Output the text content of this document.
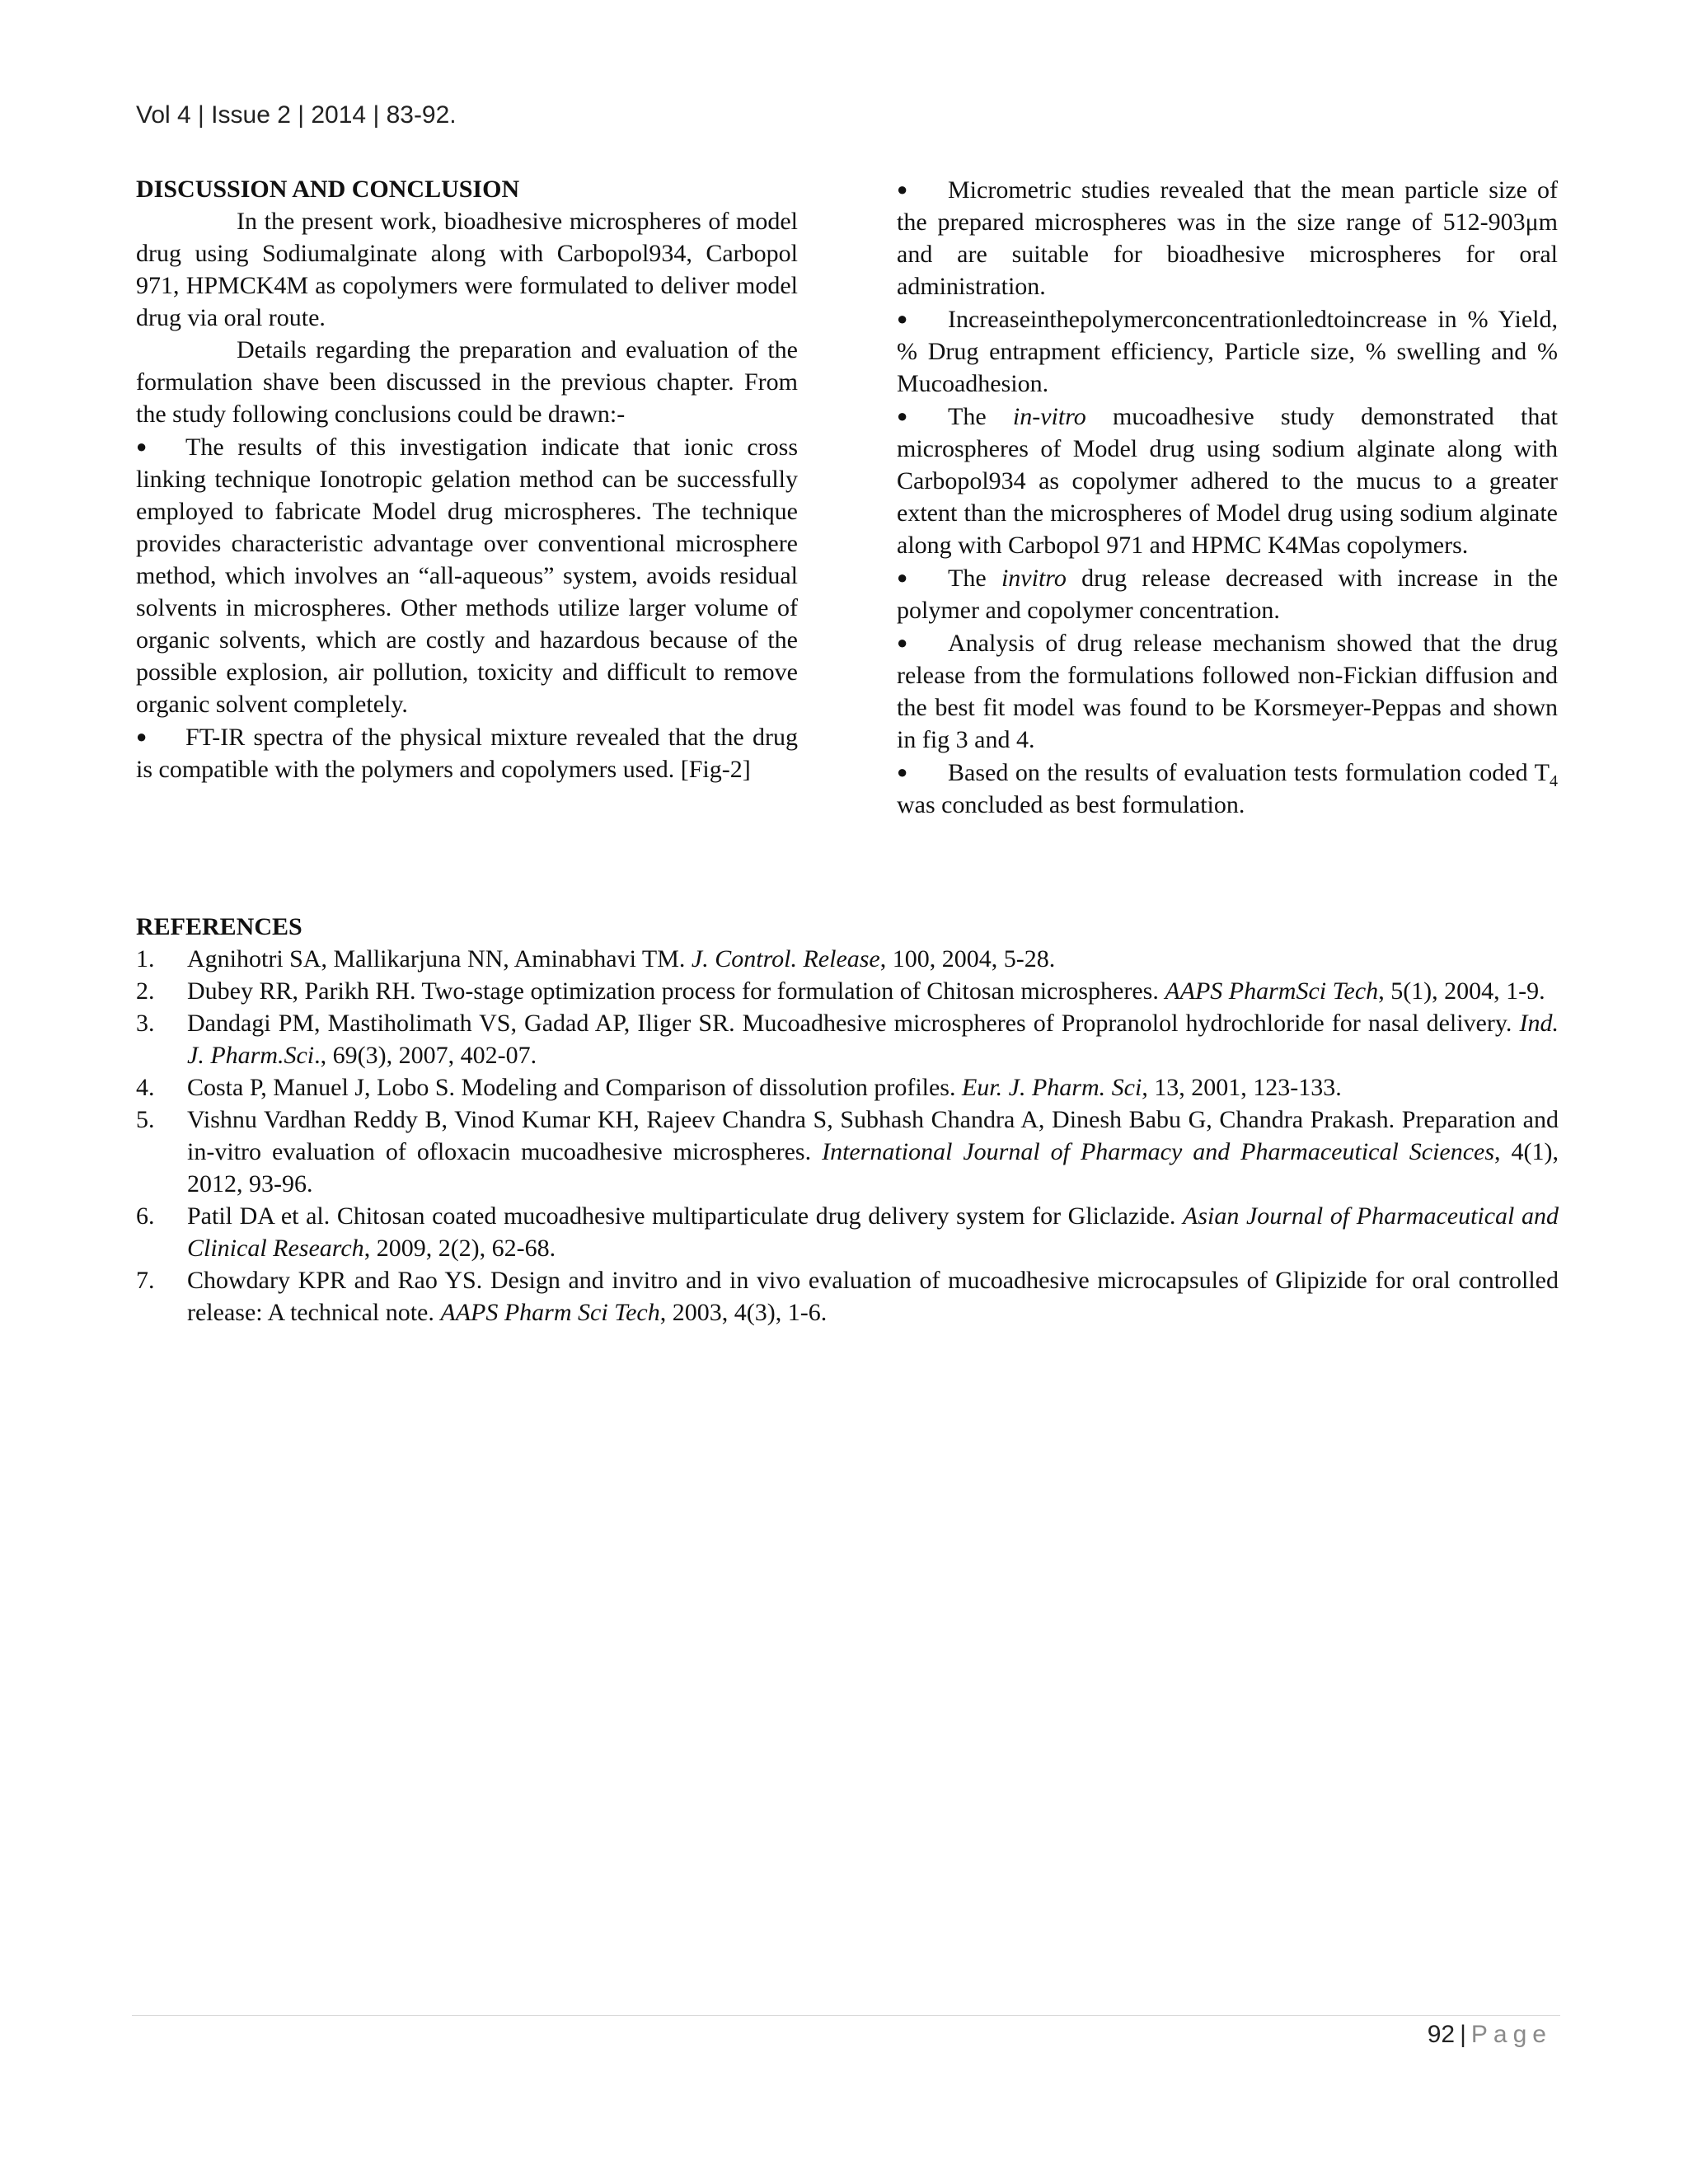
Vol 4 | Issue 2 | 2014 | 83-92.
DISCUSSION AND CONCLUSION
In the present work, bioadhesive microspheres of model drug using Sodiumalginate along with Carbopol934, Carbopol 971, HPMCK4M as copolymers were formulated to deliver model drug via oral route.
Details regarding the preparation and evaluation of the formulation shave been discussed in the previous chapter. From the study following conclusions could be drawn:-
● The results of this investigation indicate that ionic cross linking technique Ionotropic gelation method can be successfully employed to fabricate Model drug microspheres. The technique provides characteristic advantage over conventional microsphere method, which involves an “all-aqueous” system, avoids residual solvents in microspheres. Other methods utilize larger volume of organic solvents, which are costly and hazardous because of the possible explosion, air pollution, toxicity and difficult to remove organic solvent completely.
● FT-IR spectra of the physical mixture revealed that the drug is compatible with the polymers and copolymers used. [Fig-2]
● Micrometric studies revealed that the mean particle size of the prepared microspheres was in the size range of 512-903μm and are suitable for bioadhesive microspheres for oral administration.
● Increaseinthepolymerconcentrationledtoincrease in % Yield, % Drug entrapment efficiency, Particle size, % swelling and % Mucoadhesion.
● The in-vitro mucoadhesive study demonstrated that microspheres of Model drug using sodium alginate along with Carbopol934 as copolymer adhered to the mucus to a greater extent than the microspheres of Model drug using sodium alginate along with Carbopol 971 and HPMC K4Mas copolymers.
● The invitro drug release decreased with increase in the polymer and copolymer concentration.
● Analysis of drug release mechanism showed that the drug release from the formulations followed non-Fickian diffusion and the best fit model was found to be Korsmeyer-Peppas and shown in fig 3 and 4.
● Based on the results of evaluation tests formulation coded $T_4$ was concluded as best formulation.
REFERENCES
1. Agnihotri SA, Mallikarjuna NN, Aminabhavi TM. J. Control. Release, 100, 2004, 5-28.
2. Dubey RR, Parikh RH. Two-stage optimization process for formulation of Chitosan microspheres. AAPS PharmSci Tech, 5(1), 2004, 1-9.
3. Dandagi PM, Mastiholimath VS, Gadad AP, Iliger SR. Mucoadhesive microspheres of Propranolol hydrochloride for nasal delivery. Ind. J. Pharm.Sci., 69(3), 2007, 402-07.
4. Costa P, Manuel J, Lobo S. Modeling and Comparison of dissolution profiles. Eur. J. Pharm. Sci, 13, 2001, 123-133.
5. Vishnu Vardhan Reddy B, Vinod Kumar KH, Rajeev Chandra S, Subhash Chandra A, Dinesh Babu G, Chandra Prakash. Preparation and in-vitro evaluation of ofloxacin mucoadhesive microspheres. International Journal of Pharmacy and Pharmaceutical Sciences, 4(1), 2012, 93-96.
6. Patil DA et al. Chitosan coated mucoadhesive multiparticulate drug delivery system for Gliclazide. Asian Journal of Pharmaceutical and Clinical Research, 2009, 2(2), 62-68.
7. Chowdary KPR and Rao YS. Design and invitro and in vivo evaluation of mucoadhesive microcapsules of Glipizide for oral controlled release: A technical note. AAPS Pharm Sci Tech, 2003, 4(3), 1-6.
92 | Page
